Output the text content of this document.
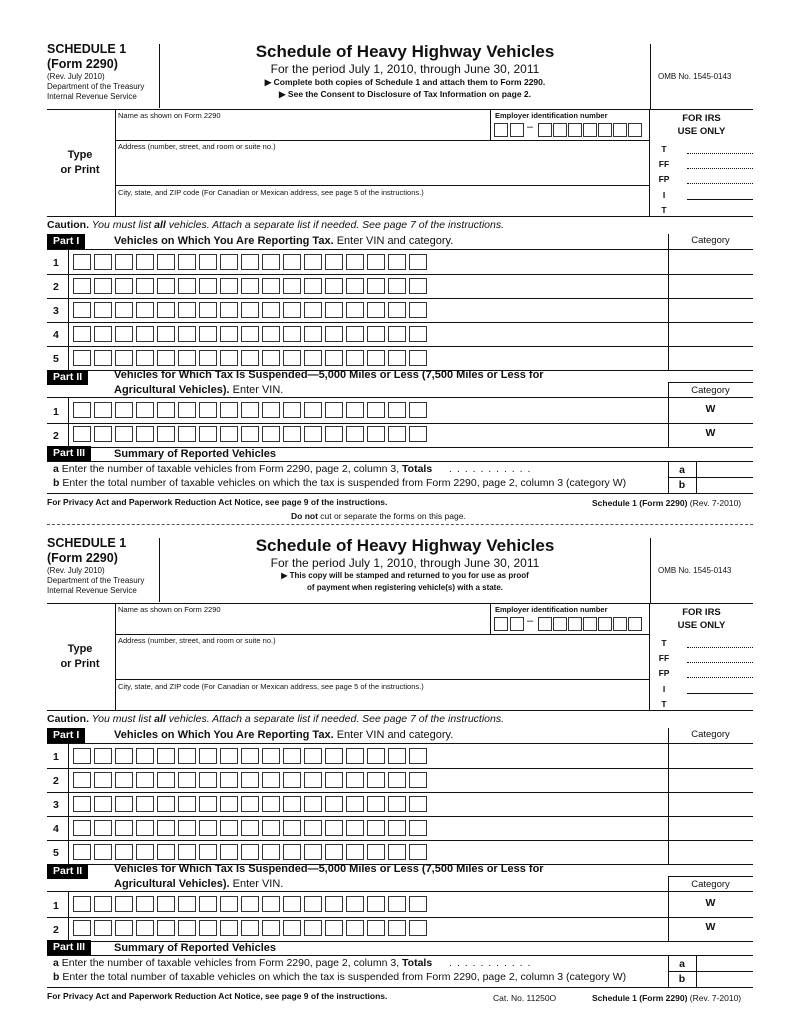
SCHEDULE 1
(Form 2290)
(Rev. July 2010)
Department of the Treasury
Internal Revenue Service
Schedule of Heavy Highway Vehicles
For the period July 1, 2010, through June 30, 2011
▶ Complete both copies of Schedule 1 and attach them to Form 2290.
▶ See the Consent to Disclosure of Tax Information on page 2.
OMB No. 1545-0143
Name as shown on Form 2290	Employer identification number
–
Address (number, street, and room or suite no.)
City, state, and ZIP code (For Canadian or Mexican address, see page 5 of the instructions.)
Type
or Print
FOR IRS
USE ONLY
T
FF
FP
I
T
Caution. You must list all vehicles. Attach a separate list if needed. See page 7 of the instructions.
Part I	Vehicles on Which You Are Reporting Tax. Enter VIN and category.	Category
1
2
3
4
5
Part II	Vehicles for Which Tax Is Suspended—5,000 Miles or Less (7,500 Miles or Less for
Agricultural Vehicles). Enter VIN.	Category
1	W
2	W
Part III	Summary of Reported Vehicles
a Enter the number of taxable vehicles from Form 2290, page 2, column 3, Totals . . . . . . . . . . .
b Enter the total number of taxable vehicles on which the tax is suspended from Form 2290, page 2, column 3 (category W)
a
b
For Privacy Act and Paperwork Reduction Act Notice, see page 9 of the instructions.	Schedule 1 (Form 2290) (Rev. 7-2010)
Do not cut or separate the forms on this page.
SCHEDULE 1
(Form 2290)
(Rev. July 2010)
Department of the Treasury
Internal Revenue Service
Schedule of Heavy Highway Vehicles
For the period July 1, 2010, through June 30, 2011
▶ This copy will be stamped and returned to you for use as proof
of payment when registering vehicle(s) with a state.
OMB No. 1545-0143
Name as shown on Form 2290	Employer identification number
–
Address (number, street, and room or suite no.)
City, state, and ZIP code (For Canadian or Mexican address, see page 5 of the instructions.)
Type
or Print
FOR IRS
USE ONLY
T
FF
FP
I
T
Caution. You must list all vehicles. Attach a separate list if needed. See page 7 of the instructions.
Part I	Vehicles on Which You Are Reporting Tax. Enter VIN and category.	Category
1
2
3
4
5
Part II	Vehicles for Which Tax Is Suspended—5,000 Miles or Less (7,500 Miles or Less for
Agricultural Vehicles). Enter VIN.	Category
1	W
2	W
Part III	Summary of Reported Vehicles
a Enter the number of taxable vehicles from Form 2290, page 2, column 3, Totals . . . . . . . . . . .
b Enter the total number of taxable vehicles on which the tax is suspended from Form 2290, page 2, column 3 (category W)
a
b
For Privacy Act and Paperwork Reduction Act Notice, see page 9 of the instructions.	Cat. No. 11250O	Schedule 1 (Form 2290) (Rev. 7-2010)
